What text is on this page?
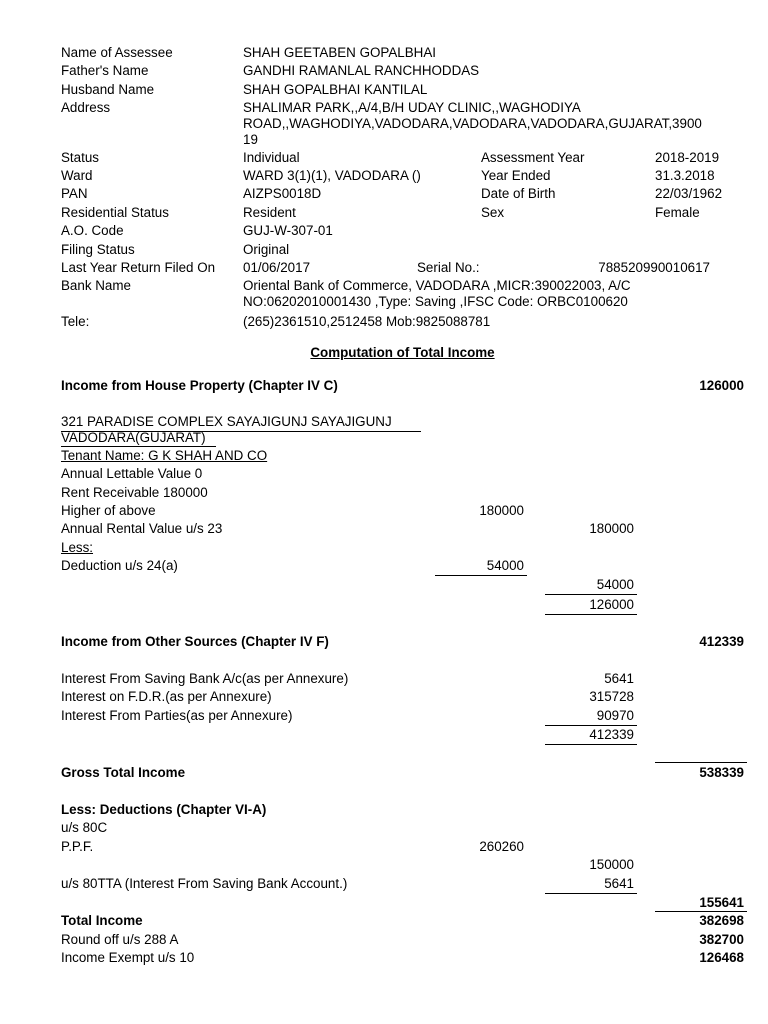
Name of Assessee	SHAH GEETABEN GOPALBHAI
Father's Name	GANDHI RAMANLAL RANCHHODDAS
Husband Name	SHAH GOPALBHAI KANTILAL
Address	SHALIMAR PARK,,A/4,B/H UDAY CLINIC,,WAGHODIYA
ROAD,,WAGHODIYA,VADODARA,VADODARA,VADODARA,GUJARAT,3900
19
Status	Individual	Assessment Year	2018-2019
Ward	WARD 3(1)(1), VADODARA ()	Year Ended	31.3.2018
PAN	AIZPS0018D	Date of Birth	22/03/1962
Residential Status	Resident	Sex	Female
A.O. Code	GUJ-W-307-01
Filing Status	Original
Last Year Return Filed On 01/06/2017	Serial No.:	788520990010617
Bank Name	Oriental Bank of Commerce, VADODARA ,MICR:390022003, A/C
NO:06202010001430 ,Type: Saving ,IFSC Code: ORBC0100620
Tele:	(265)2361510,2512458 Mob:9825088781
Computation of Total Income
Income from House Property (Chapter IV C)	126000
321 PARADISE COMPLEX SAYAJIGUNJ SAYAJIGUNJ
VADODARA(GUJARAT)
Tenant Name: G K SHAH AND CO
Annual Lettable Value 0
Rent Receivable 180000
Higher of above	180000
Annual Rental Value u/s 23	180000
Less:
Deduction u/s 24(a)	54000
54000
126000
Income from Other Sources (Chapter IV F)	412339
Interest From Saving Bank A/c(as per Annexure)	5641
Interest on F.D.R.(as per Annexure)	315728
Interest From Parties(as per Annexure)	90970
412339
Gross Total Income	538339
Less: Deductions (Chapter VI-A)
u/s 80C
P.P.F.	260260
150000
u/s 80TTA (Interest From Saving Bank Account.)	5641
155641
Total Income	382698
Round off u/s 288 A	382700
Income Exempt u/s 10	126468
